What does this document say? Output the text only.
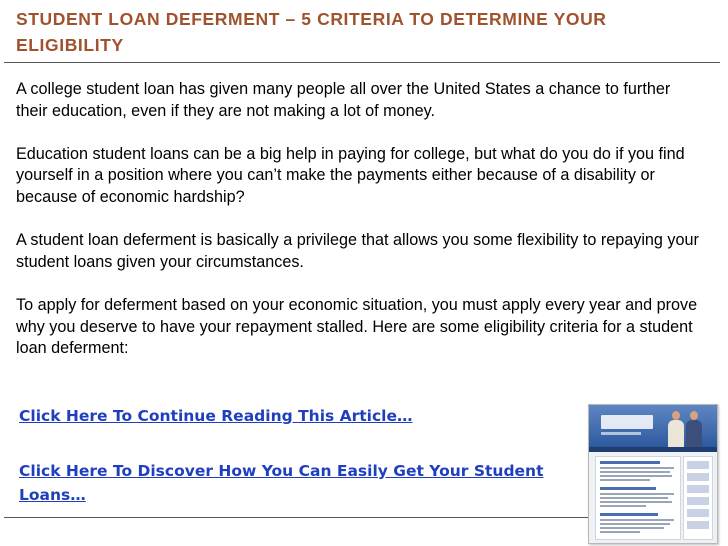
STUDENT LOAN DEFERMENT – 5 CRITERIA TO DETERMINE YOUR ELIGIBILITY

A college student loan has given many people all over the United States a chance to further their education, even if they are not making a lot of money.

Education student loans can be a big help in paying for college, but what do you do if you find yourself in a position where you can’t make the payments either because of a disability or because of economic hardship?

A student loan deferment is basically a privilege that allows you some flexibility to repaying your student loans given your circumstances.

To apply for deferment based on your economic situation, you must apply every year and prove why you deserve to have your repayment stalled. Here are some eligibility criteria for a student loan deferment:

Click Here To Continue Reading This Article…
Click Here To Discover How You Can Easily Get Your Student Loans…
